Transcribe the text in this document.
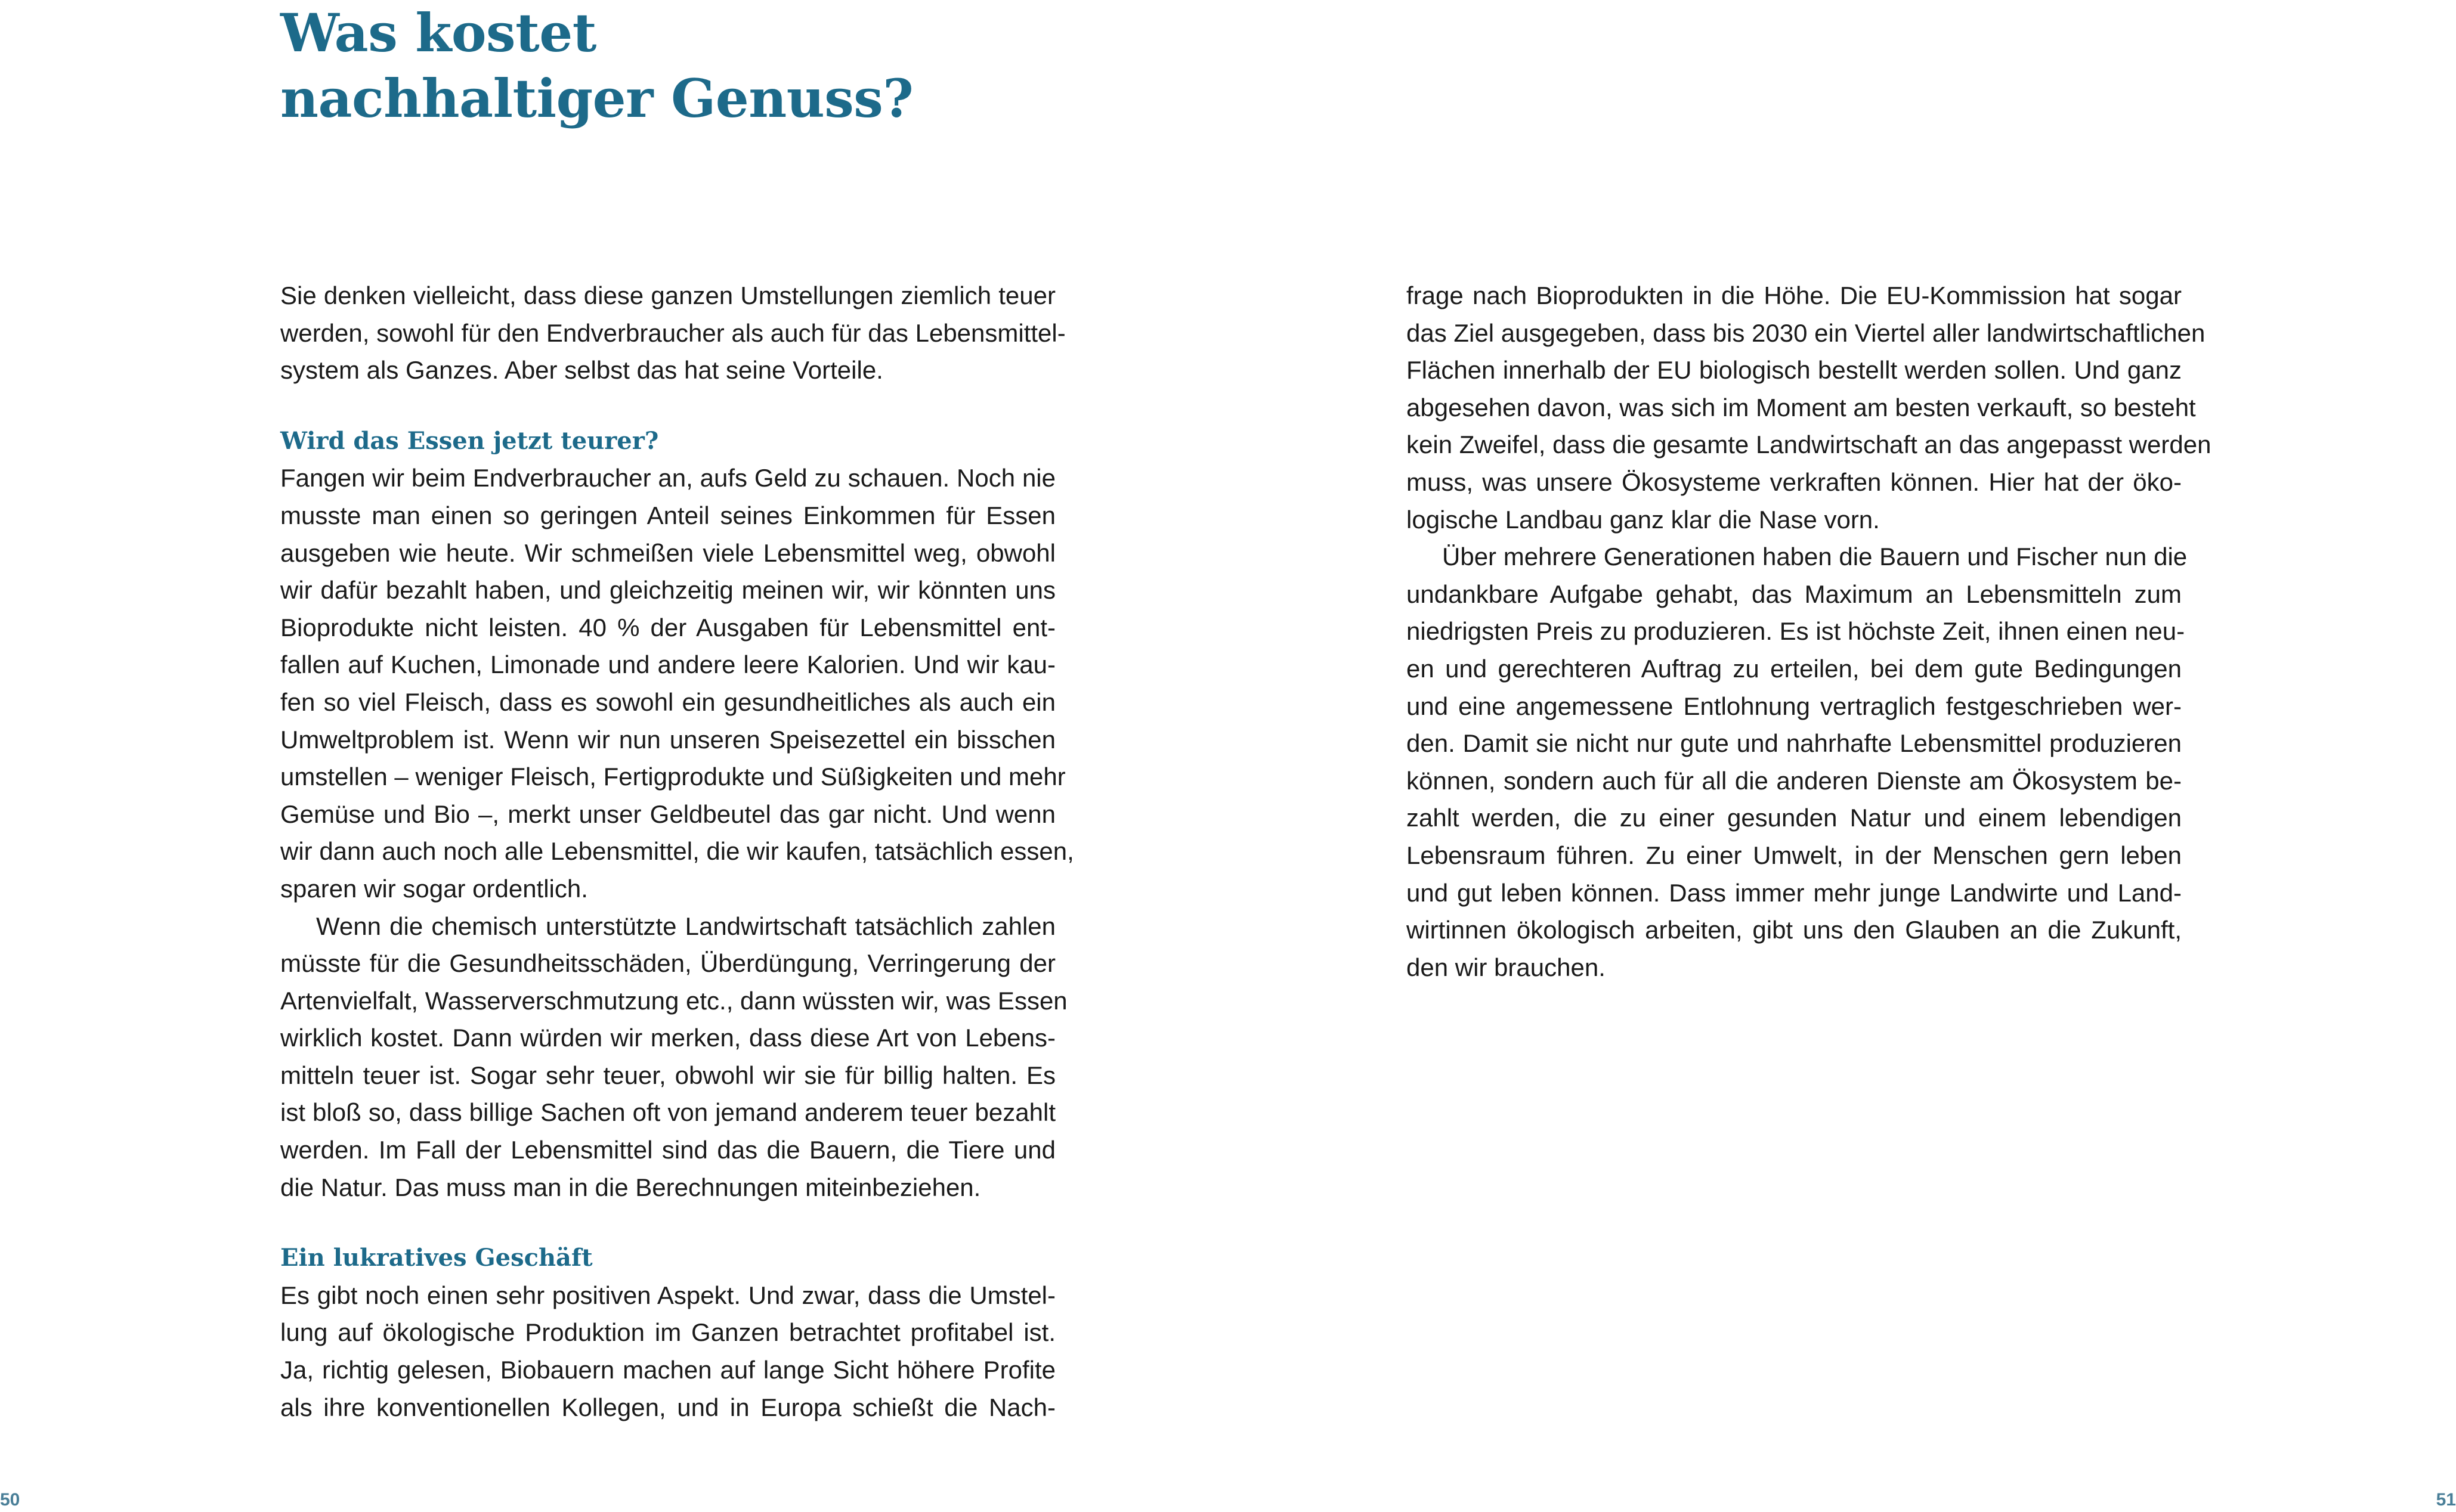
Was kostet
nachhaltiger Genuss?
Sie denken vielleicht, dass diese ganzen Umstellungen ziemlich teuer
werden, sowohl für den Endverbraucher als auch für das Lebensmittel-
system als Ganzes. Aber selbst das hat seine Vorteile.
Wird das Essen jetzt teurer?
Fangen wir beim Endverbraucher an, aufs Geld zu schauen. Noch nie
musste man einen so geringen Anteil seines Einkommen für Essen
ausgeben wie heute. Wir schmeißen viele Lebensmittel weg, obwohl
wir dafür bezahlt haben, und gleichzeitig meinen wir, wir könnten uns
Bioprodukte nicht leisten. 40 % der Ausgaben für Lebensmittel ent-
fallen auf Kuchen, Limonade und andere leere Kalorien. Und wir kau-
fen so viel Fleisch, dass es sowohl ein gesundheitliches als auch ein
Umweltproblem ist. Wenn wir nun unseren Speisezettel ein bisschen
umstellen – weniger Fleisch, Fertigprodukte und Süßigkeiten und mehr
Gemüse und Bio –, merkt unser Geldbeutel das gar nicht. Und wenn
wir dann auch noch alle Lebensmittel, die wir kaufen, tatsächlich essen,
sparen wir sogar ordentlich.
Wenn die chemisch unterstützte Landwirtschaft tatsächlich zahlen
müsste für die Gesundheitsschäden, Überdüngung, Verringerung der
Artenvielfalt, Wasserverschmutzung etc., dann wüssten wir, was Essen
wirklich kostet. Dann würden wir merken, dass diese Art von Lebens-
mitteln teuer ist. Sogar sehr teuer, obwohl wir sie für billig halten. Es
ist bloß so, dass billige Sachen oft von jemand anderem teuer bezahlt
werden. Im Fall der Lebensmittel sind das die Bauern, die Tiere und
die Natur. Das muss man in die Berechnungen miteinbeziehen.
Ein lukratives Geschäft
Es gibt noch einen sehr positiven Aspekt. Und zwar, dass die Umstel-
lung auf ökologische Produktion im Ganzen betrachtet profitabel ist.
Ja, richtig gelesen, Biobauern machen auf lange Sicht höhere Profite
als ihre konventionellen Kollegen, und in Europa schießt die Nach-
frage nach Bioprodukten in die Höhe. Die EU-Kommission hat sogar
das Ziel ausgegeben, dass bis 2030 ein Viertel aller landwirtschaftlichen
Flächen innerhalb der EU biologisch bestellt werden sollen. Und ganz
abgesehen davon, was sich im Moment am besten verkauft, so besteht
kein Zweifel, dass die gesamte Landwirtschaft an das angepasst werden
muss, was unsere Ökosysteme verkraften können. Hier hat der öko-
logische Landbau ganz klar die Nase vorn.
Über mehrere Generationen haben die Bauern und Fischer nun die
undankbare Aufgabe gehabt, das Maximum an Lebensmitteln zum
niedrigsten Preis zu produzieren. Es ist höchste Zeit, ihnen einen neu-
en und gerechteren Auftrag zu erteilen, bei dem gute Bedingungen
und eine angemessene Entlohnung vertraglich festgeschrieben wer-
den. Damit sie nicht nur gute und nahrhafte Lebensmittel produzieren
können, sondern auch für all die anderen Dienste am Ökosystem be-
zahlt werden, die zu einer gesunden Natur und einem lebendigen
Lebensraum führen. Zu einer Umwelt, in der Menschen gern leben
und gut leben können. Dass immer mehr junge Landwirte und Land-
wirtinnen ökologisch arbeiten, gibt uns den Glauben an die Zukunft,
den wir brauchen.
50	51
